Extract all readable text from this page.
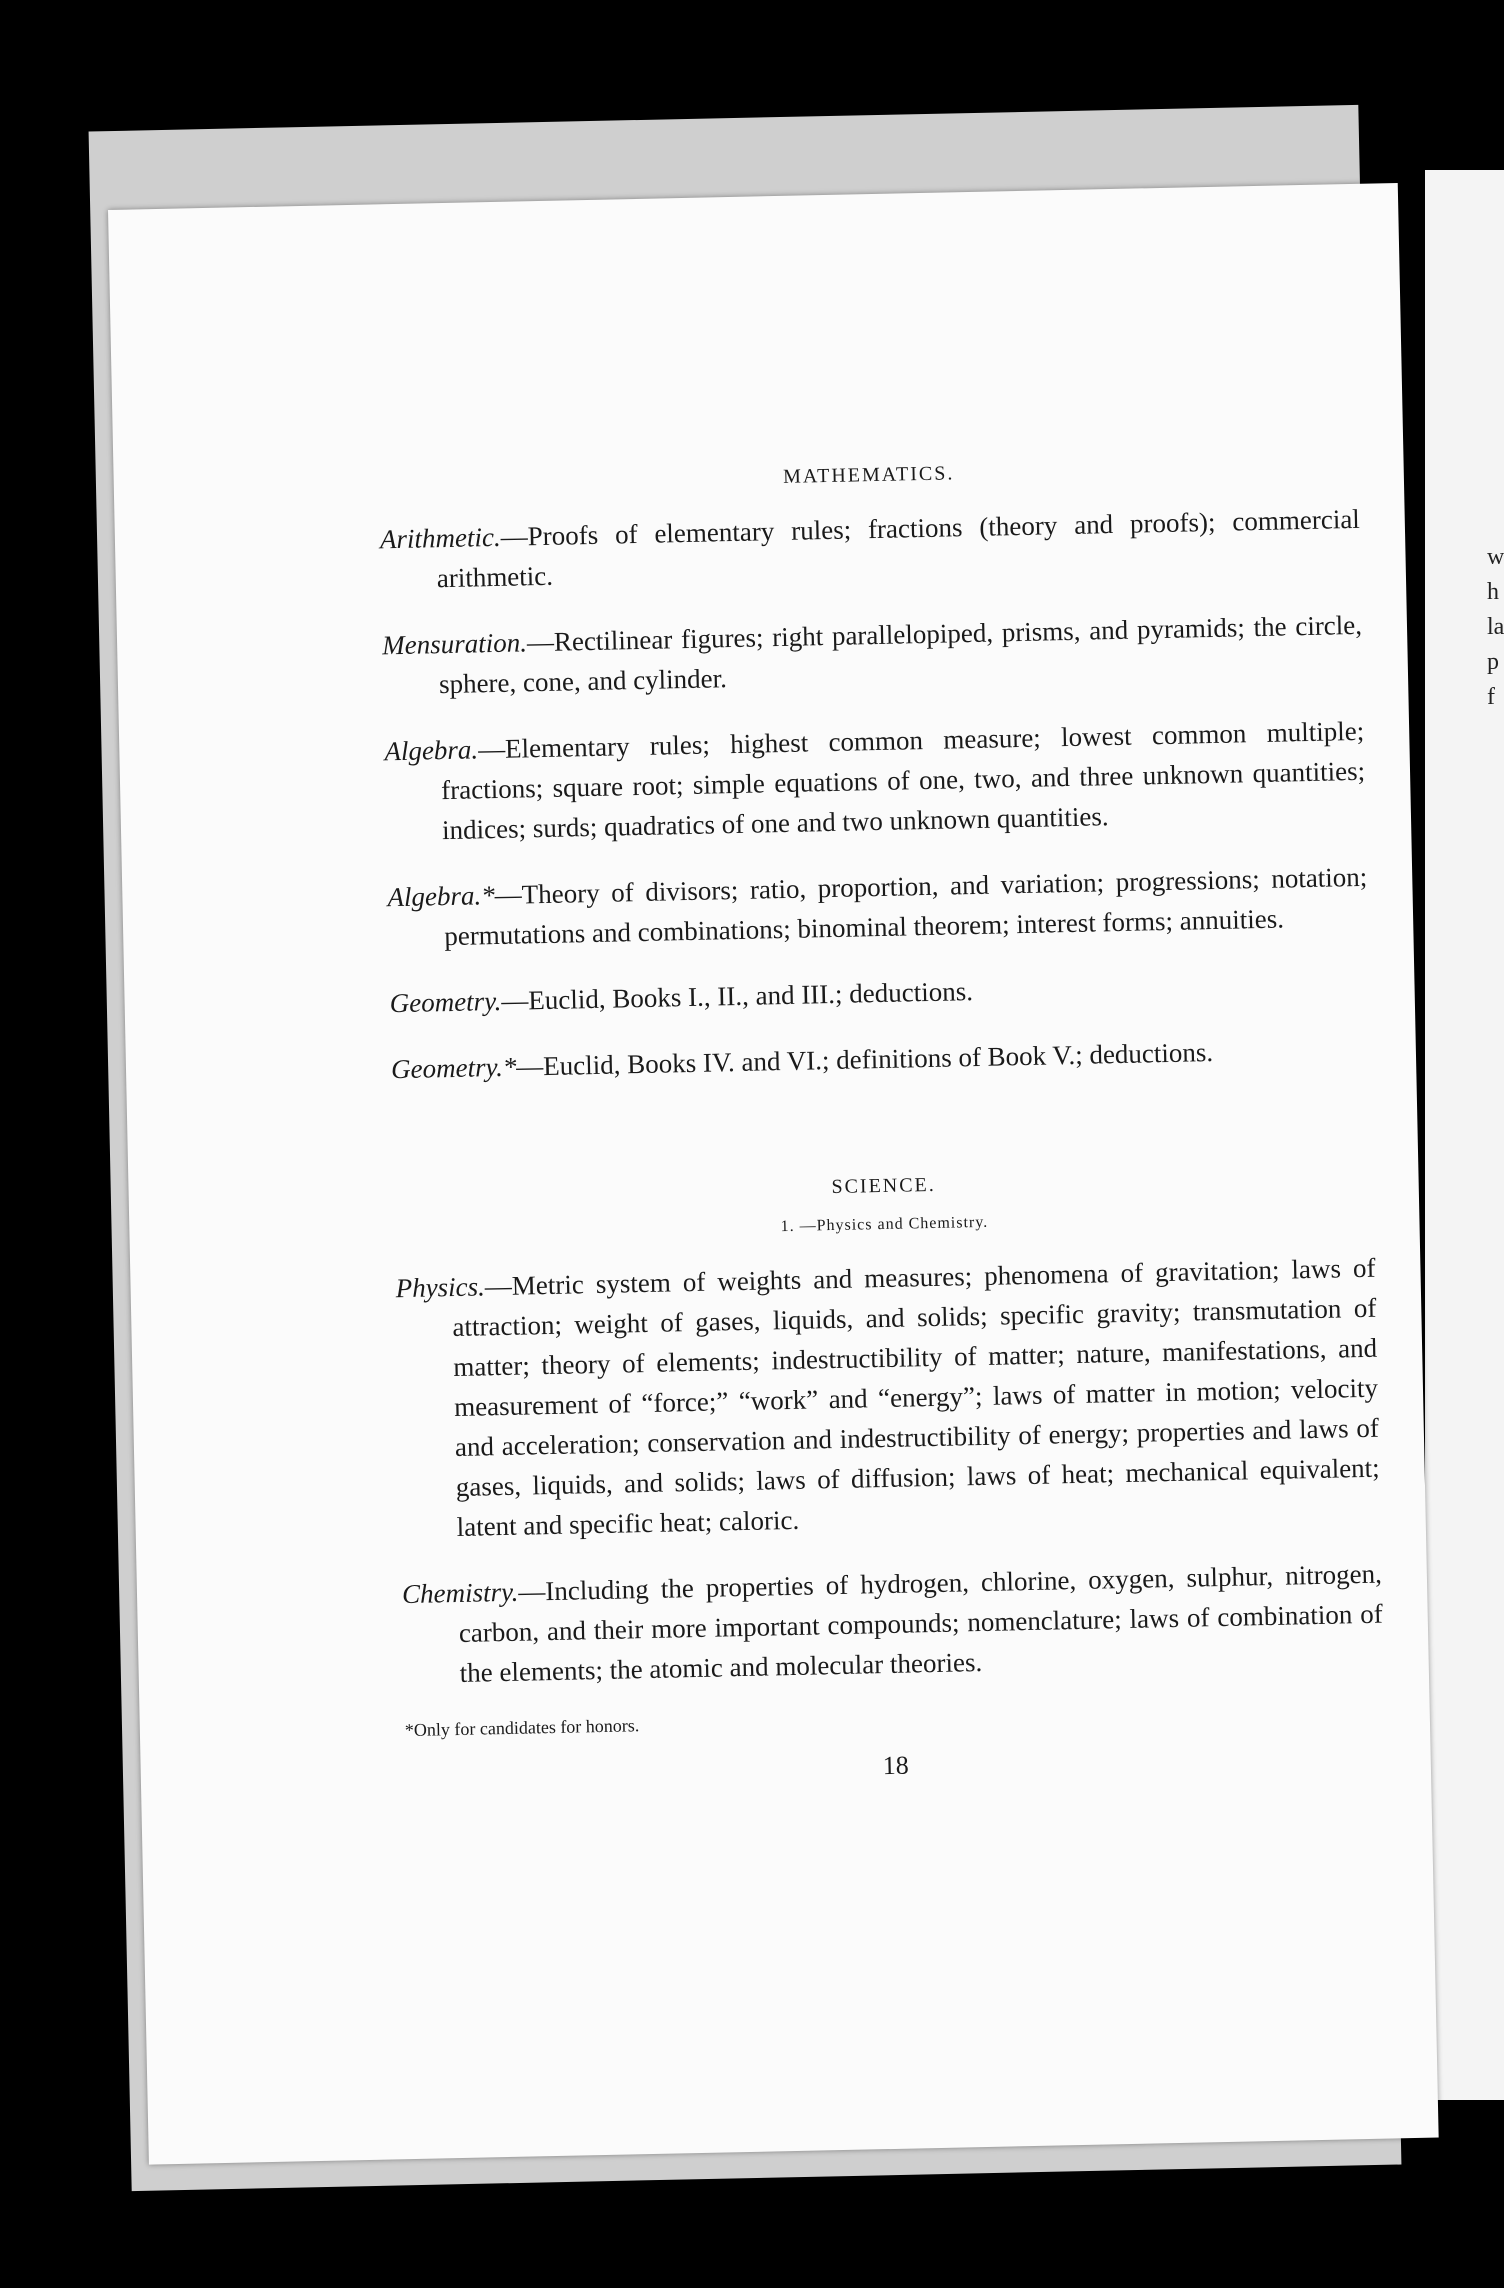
w
h
la
p
f
MATHEMATICS.

Arithmetic.—Proofs of elementary rules; fractions (theory and proofs); commercial arithmetic.

Mensuration.—Rectilinear figures; right parallelopiped, prisms, and pyramids; the circle, sphere, cone, and cylinder.

Algebra.—Elementary rules; highest common measure; lowest common multiple; fractions; square root; simple equations of one, two, and three unknown quantities; indices; surds; quadratics of one and two unknown quantities.

Algebra.*—Theory of divisors; ratio, proportion, and variation; progressions; notation; permutations and combinations; binominal theorem; interest forms; annuities.

Geometry.—Euclid, Books I., II., and III.; deductions.

Geometry.*—Euclid, Books IV. and VI.; definitions of Book V.; deductions.

SCIENCE.
1. —Physics and Chemistry.

Physics.—Metric system of weights and measures; phenomena of gravitation; laws of attraction; weight of gases, liquids, and solids; specific gravity; transmutation of matter; theory of elements; indestructibility of matter; nature, manifestations, and measurement of “force;” “work” and “energy”; laws of matter in motion; velocity and acceleration; conservation and indestructibility of energy; properties and laws of gases, liquids, and solids; laws of diffusion; laws of heat; mechanical equivalent; latent and specific heat; caloric.

Chemistry.—Including the properties of hydrogen, chlorine, oxygen, sulphur, nitrogen, carbon, and their more important compounds; nomenclature; laws of combination of the elements; the atomic and molecular theories.

*Only for candidates for honors.

18
